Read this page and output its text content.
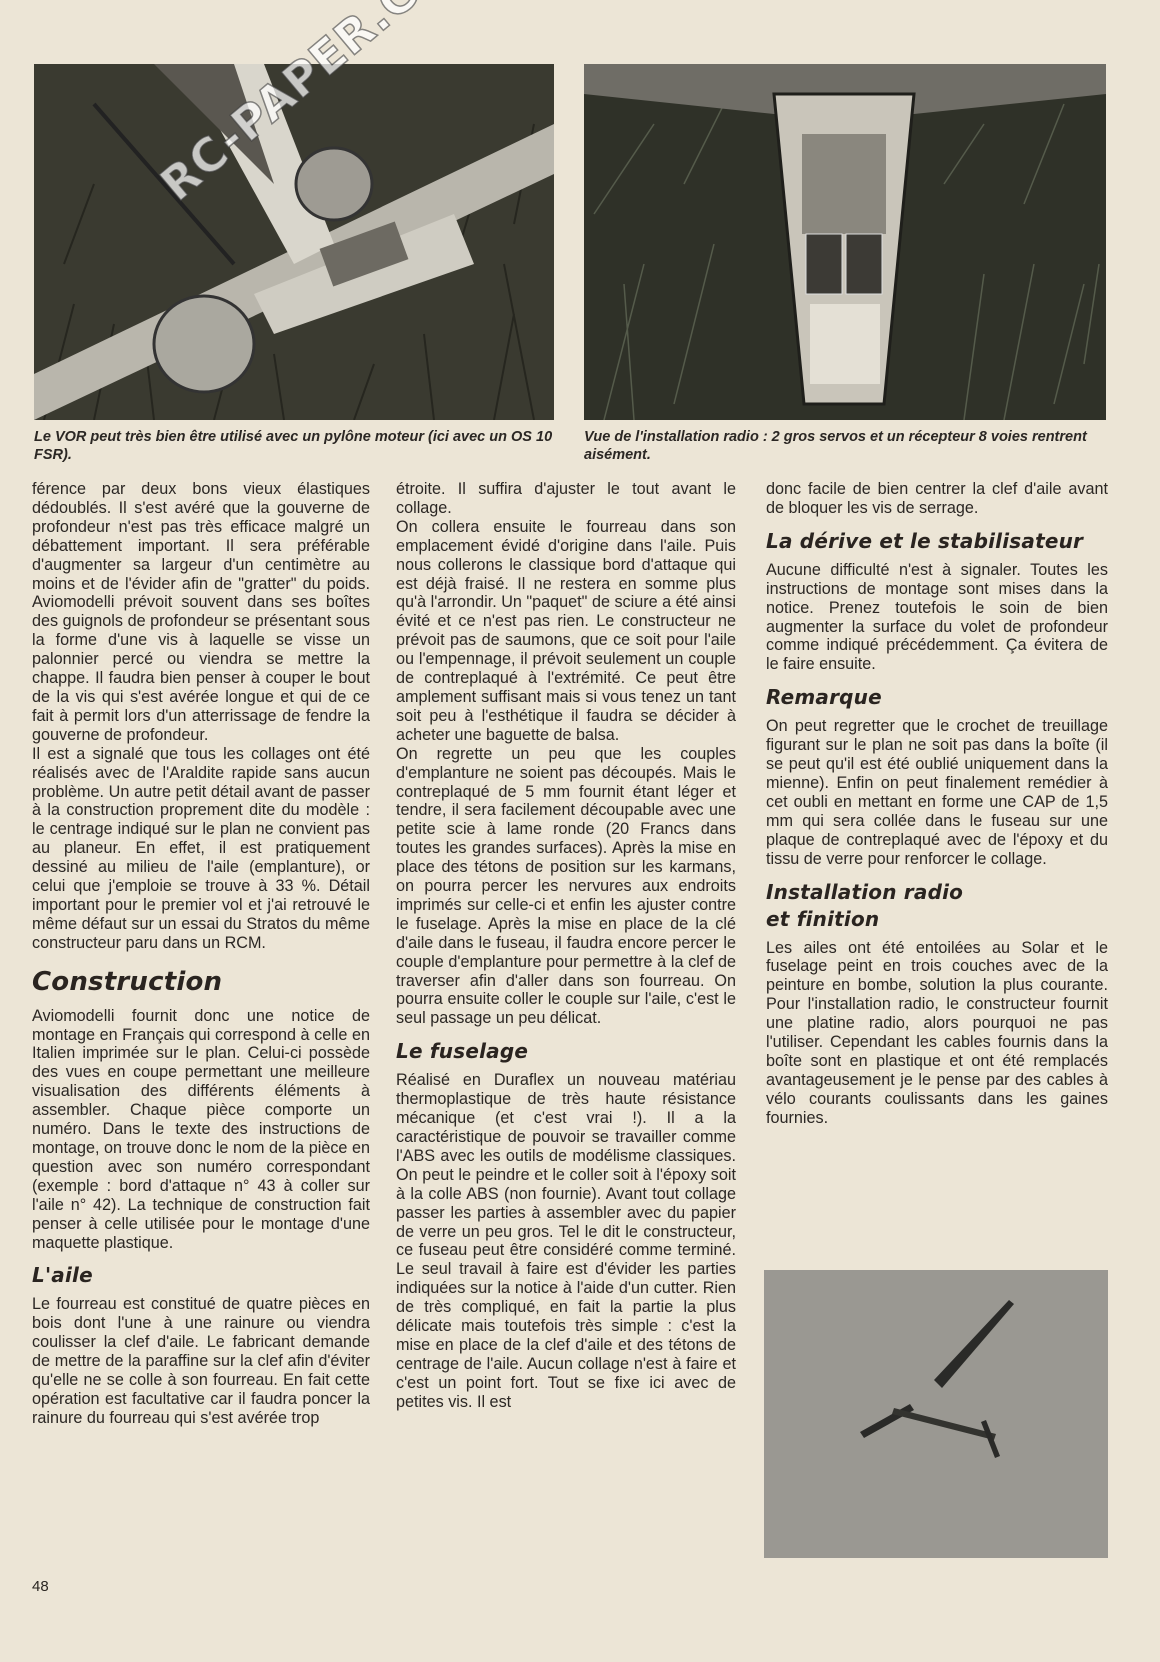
Le VOR peut très bien être utilisé avec un pylône moteur (ici avec un OS 10 FSR).
Vue de l'installation radio : 2 gros servos et un récepteur 8 voies rentrent aisément.

férence par deux bons vieux élastiques dédoublés. Il s'est avéré que la gouverne de profondeur n'est pas très efficace malgré un débattement important. Il sera préférable d'augmenter sa largeur d'un centimètre au moins et de l'évider afin de "gratter" du poids. Aviomodelli prévoit souvent dans ses boîtes des guignols de profondeur se présentant sous la forme d'une vis à laquelle se visse un palonnier percé ou viendra se mettre la chappe. Il faudra bien penser à couper le bout de la vis qui s'est avérée longue et qui de ce fait à permit lors d'un atterrissage de fendre la gouverne de profondeur.

Il est a signalé que tous les collages ont été réalisés avec de l'Araldite rapide sans aucun problème. Un autre petit détail avant de passer à la construction proprement dite du modèle : le centrage indiqué sur le plan ne convient pas au planeur. En effet, il est pratiquement dessiné au milieu de l'aile (emplanture), or celui que j'emploie se trouve à 33 %. Détail important pour le premier vol et j'ai retrouvé le même défaut sur un essai du Stratos du même constructeur paru dans un RCM.

Construction

Aviomodelli fournit donc une notice de montage en Français qui correspond à celle en Italien imprimée sur le plan. Celui-ci possède des vues en coupe permettant une meilleure visualisation des différents éléments à assembler. Chaque pièce comporte un numéro. Dans le texte des instructions de montage, on trouve donc le nom de la pièce en question avec son numéro correspondant (exemple : bord d'attaque n° 43 à coller sur l'aile n° 42). La technique de construction fait penser à celle utilisée pour le montage d'une maquette plastique.

L'aile

Le fourreau est constitué de quatre pièces en bois dont l'une à une rainure ou viendra coulisser la clef d'aile. Le fabricant demande de mettre de la paraffine sur la clef afin d'éviter qu'elle ne se colle à son fourreau. En fait cette opération est facultative car il faudra poncer la rainure du fourreau qui s'est avérée trop

étroite. Il suffira d'ajuster le tout avant le collage.

On collera ensuite le fourreau dans son emplacement évidé d'origine dans l'aile. Puis nous collerons le classique bord d'attaque qui est déjà fraisé. Il ne restera en somme plus qu'à l'arrondir. Un "paquet" de sciure a été ainsi évité et ce n'est pas rien. Le constructeur ne prévoit pas de saumons, que ce soit pour l'aile ou l'empennage, il prévoit seulement un couple de contreplaqué à l'extrémité. Ce peut être amplement suffisant mais si vous tenez un tant soit peu à l'esthétique il faudra se décider à acheter une baguette de balsa.

On regrette un peu que les couples d'emplanture ne soient pas découpés. Mais le contreplaqué de 5 mm fournit étant léger et tendre, il sera facilement découpable avec une petite scie à lame ronde (20 Francs dans toutes les grandes surfaces). Après la mise en place des tétons de position sur les karmans, on pourra percer les nervures aux endroits imprimés sur celle-ci et enfin les ajuster contre le fuselage. Après la mise en place de la clé d'aile dans le fuseau, il faudra encore percer le couple d'emplanture pour permettre à la clef de traverser afin d'aller dans son fourreau. On pourra ensuite coller le couple sur l'aile, c'est le seul passage un peu délicat.

Le fuselage

Réalisé en Duraflex un nouveau matériau thermoplastique de très haute résistance mécanique (et c'est vrai !). Il a la caractéristique de pouvoir se travailler comme l'ABS avec les outils de modélisme classiques. On peut le peindre et le coller soit à l'époxy soit à la colle ABS (non fournie). Avant tout collage passer les parties à assembler avec du papier de verre un peu gros. Tel le dit le constructeur, ce fuseau peut être considéré comme terminé. Le seul travail à faire est d'évider les parties indiquées sur la notice à l'aide d'un cutter. Rien de très compliqué, en fait la partie la plus délicate mais toutefois très simple : c'est la mise en place de la clef d'aile et des tétons de centrage de l'aile. Aucun collage n'est à faire et c'est un point fort. Tout se fixe ici avec de petites vis. Il est

donc facile de bien centrer la clef d'aile avant de bloquer les vis de serrage.

La dérive et le stabilisateur

Aucune difficulté n'est à signaler. Toutes les instructions de montage sont mises dans la notice. Prenez toutefois le soin de bien augmenter la surface du volet de profondeur comme indiqué précédemment. Ça évitera de le faire ensuite.

Remarque

On peut regretter que le crochet de treuillage figurant sur le plan ne soit pas dans la boîte (il se peut qu'il est été oublié uniquement dans la mienne). Enfin on peut finalement remédier à cet oubli en mettant en forme une CAP de 1,5 mm qui sera collée dans le fuseau sur une plaque de contreplaqué avec de l'époxy et du tissu de verre pour renforcer le collage.

Installation radio
et finition

Les ailes ont été entoilées au Solar et le fuselage peint en trois couches avec de la peinture en bombe, solution la plus courante. Pour l'installation radio, le constructeur fournit une platine radio, alors pourquoi ne pas l'utiliser. Cependant les cables fournis dans la boîte sont en plastique et ont été remplacés avantageusement je le pense par des cables à vélo courants coulissants dans les gaines fournies.

48
